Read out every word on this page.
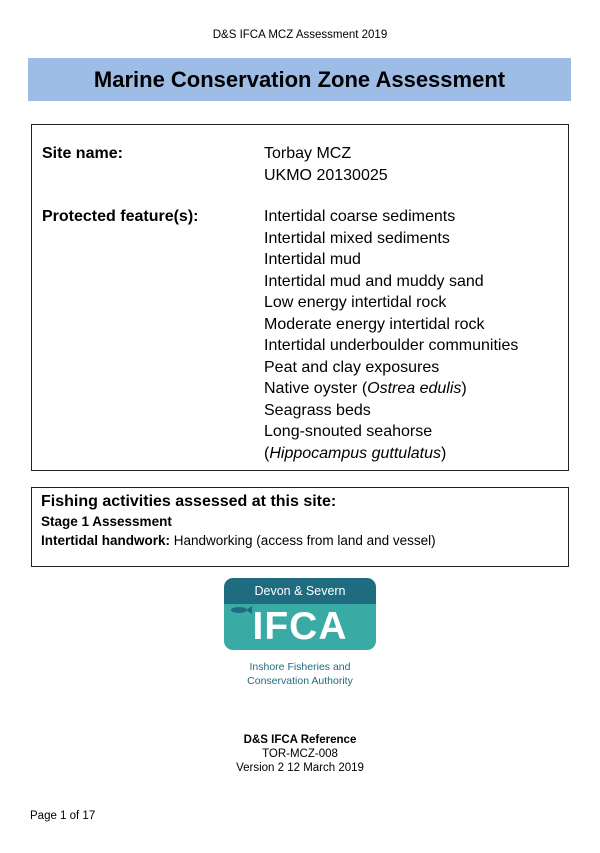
D&S IFCA MCZ Assessment 2019
Marine Conservation Zone Assessment
Site name:	Torbay MCZ
UKMO 20130025
Protected feature(s):	Intertidal coarse sediments
Intertidal mixed sediments
Intertidal mud
Intertidal mud and muddy sand
Low energy intertidal rock
Moderate energy intertidal rock
Intertidal underboulder communities
Peat and clay exposures
Native oyster (Ostrea edulis)
Seagrass beds
Long-snouted seahorse
(Hippocampus guttulatus)
Fishing activities assessed at this site:
Stage 1 Assessment
Intertidal handwork: Handworking (access from land and vessel)
Devon & Severn
IFCA
Inshore Fisheries and
Conservation Authority
D&S IFCA Reference
TOR-MCZ-008
Version 2 12 March 2019
Page 1 of 17
